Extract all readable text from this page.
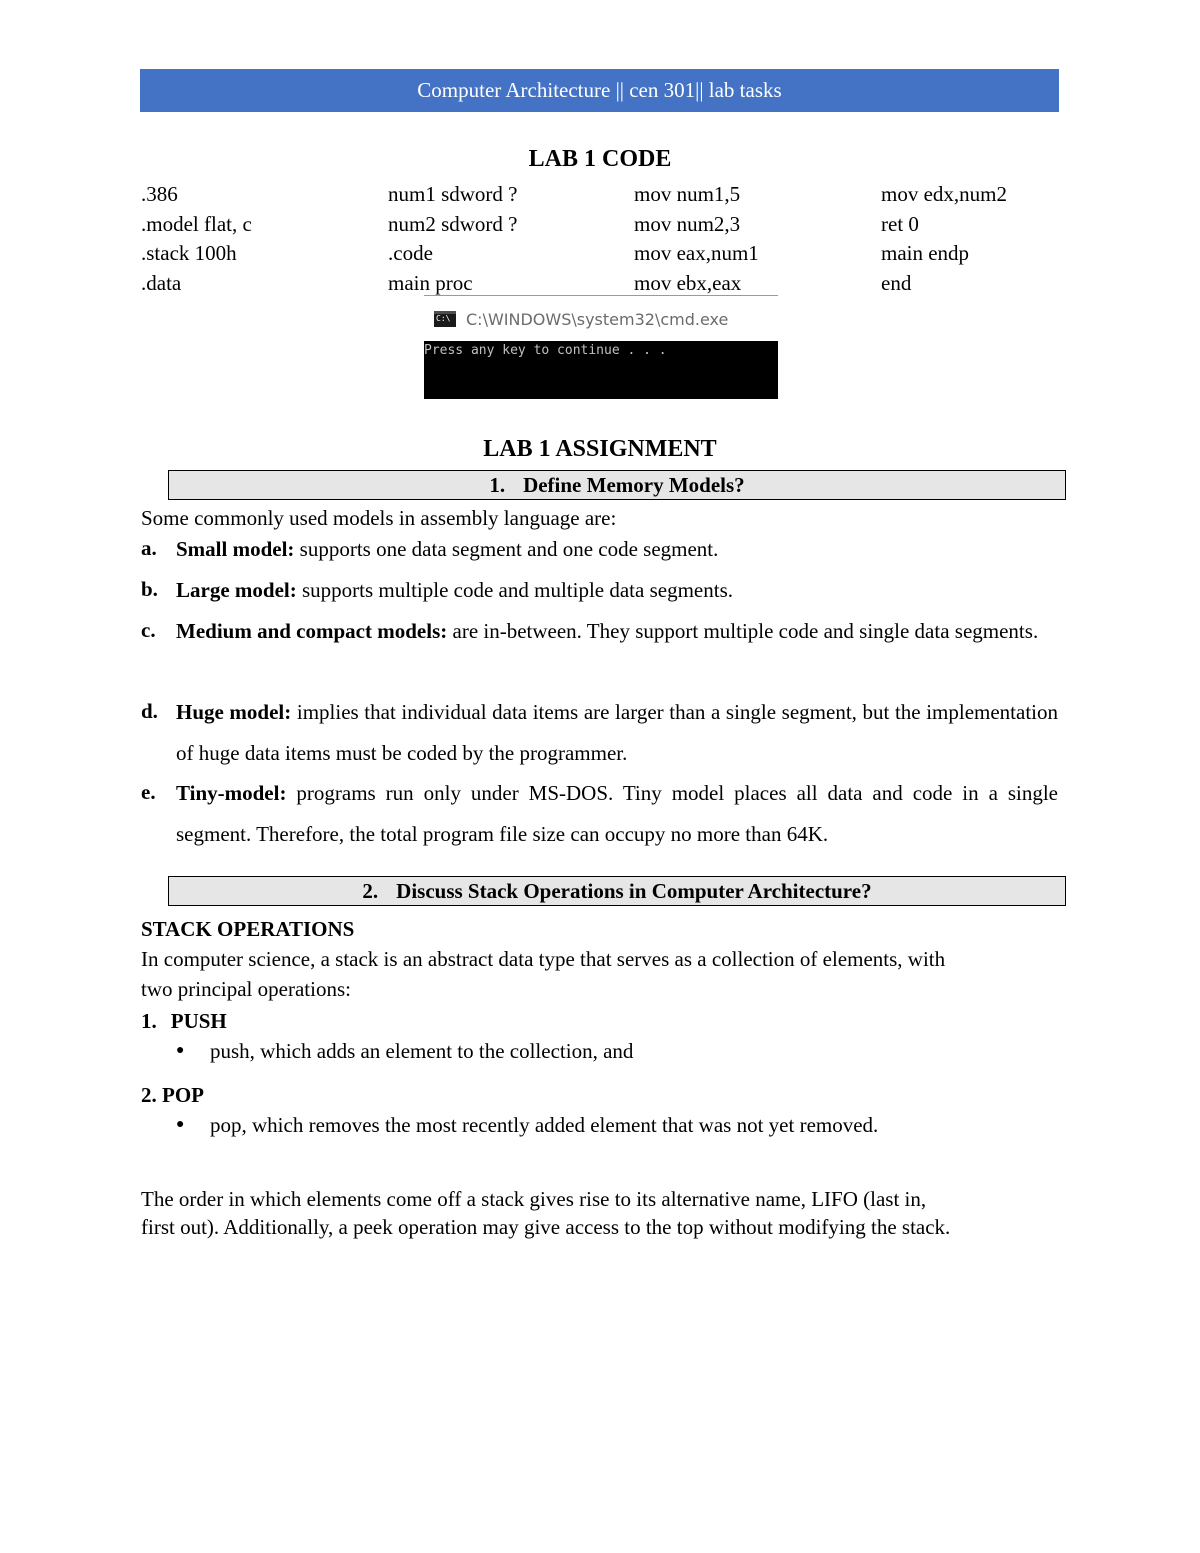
Computer Architecture || cen 301|| lab tasks
LAB 1 CODE
.386
.model flat, c
.stack 100h
.data
num1 sdword ?
num2 sdword ?
.code
main proc
mov num1,5
mov num2,3
mov eax,num1
mov ebx,eax
mov edx,num2
ret 0
main endp
end
C:\
C:\WINDOWS\system32\cmd.exe
Press any key to continue . . .
LAB 1 ASSIGNMENT
1. Define Memory Models?
Some commonly used models in assembly language are:
a. Small model: supports one data segment and one code segment.
b. Large model: supports multiple code and multiple data segments.
c. Medium and compact models: are in-between. They support multiple code and single data segments.
d. Huge model: implies that individual data items are larger than a single segment, but the implementation of huge data items must be coded by the programmer.
e. Tiny-model: programs run only under MS-DOS. Tiny model places all data and code in a single segment. Therefore, the total program file size can occupy no more than 64K.
2. Discuss Stack Operations in Computer Architecture?
STACK OPERATIONS
In computer science, a stack is an abstract data type that serves as a collection of elements, with
two principal operations:
1. PUSH
● push, which adds an element to the collection, and
2. POP
● pop, which removes the most recently added element that was not yet removed.
The order in which elements come off a stack gives rise to its alternative name, LIFO (last in,
first out). Additionally, a peek operation may give access to the top without modifying the stack.
